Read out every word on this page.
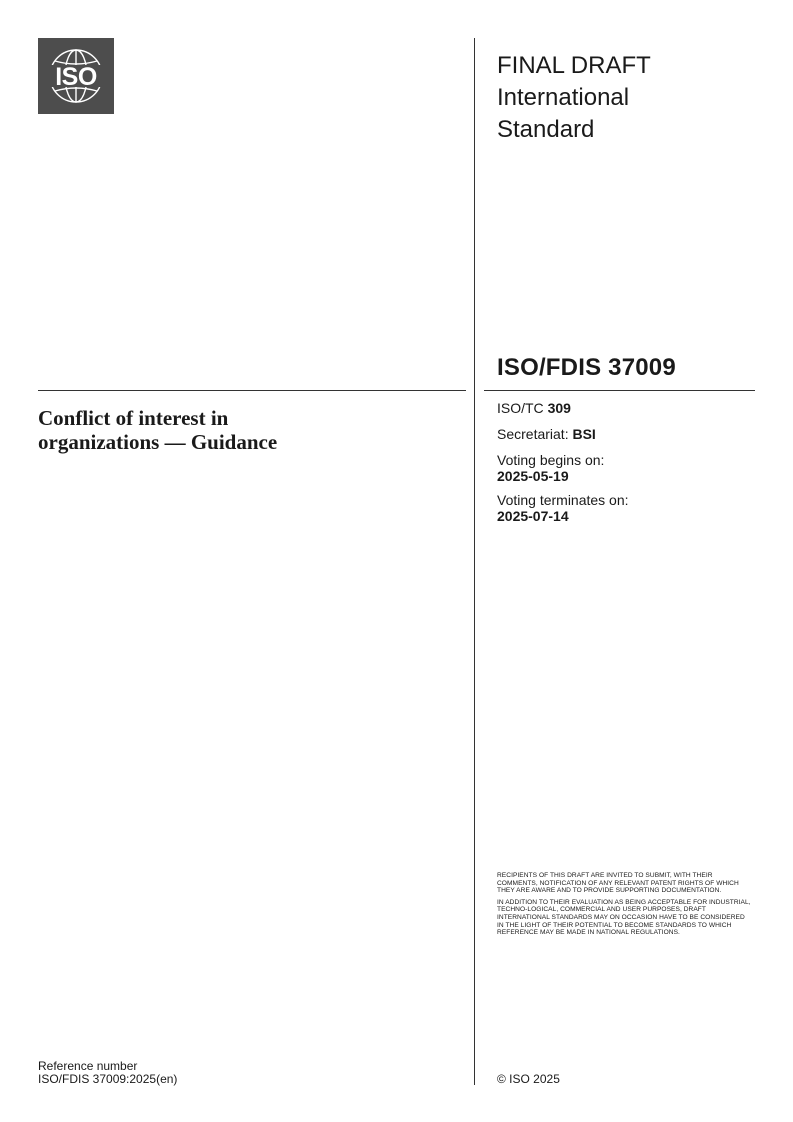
ISO	FINAL DRAFT
International
Standard
ISO/FDIS 37009
Conflict of interest in
organizations — Guidance
ISO/TC 309
Secretariat: BSI
Voting begins on:
2025-05-19
Voting terminates on:
2025-07-14

RECIPIENTS OF THIS DRAFT ARE INVITED TO SUBMIT, WITH THEIR COMMENTS, NOTIFICATION OF ANY RELEVANT PATENT RIGHTS OF WHICH THEY ARE AWARE AND TO PROVIDE SUPPORTING DOCUMENTATION.

IN ADDITION TO THEIR EVALUATION AS BEING ACCEPTABLE FOR INDUSTRIAL, TECHNO-LOGICAL, COMMERCIAL AND USER PURPOSES, DRAFT INTERNATIONAL STANDARDS MAY ON OCCASION HAVE TO BE CONSIDERED IN THE LIGHT OF THEIR POTENTIAL TO BECOME STANDARDS TO WHICH REFERENCE MAY BE MADE IN NATIONAL REGULATIONS.

Reference number
ISO/FDIS 37009:2025(en)	© ISO 2025
